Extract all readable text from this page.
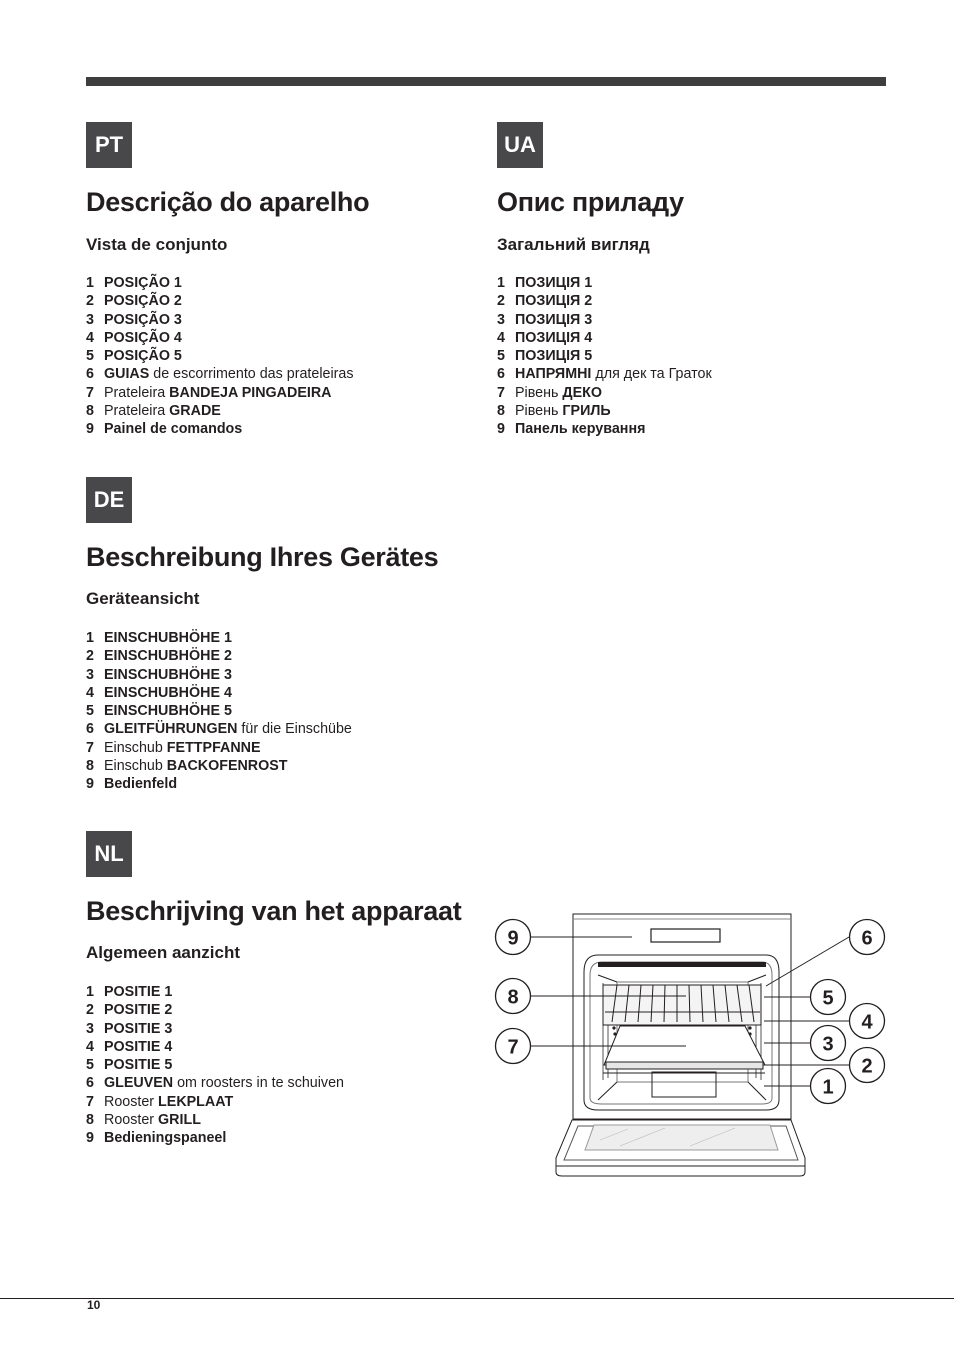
PT
Descrição do aparelho
Vista de conjunto
1 POSIÇÃO 1
2 POSIÇÃO 2
3 POSIÇÃO 3
4 POSIÇÃO 4
5 POSIÇÃO 5
6 GUIAS de escorrimento das prateleiras
7 Prateleira BANDEJA PINGADEIRA
8 Prateleira GRADE
9 Painel de comandos
UA
Опис приладу
Загальний вигляд
1 ПОЗИЦІЯ 1
2 ПОЗИЦІЯ 2
3 ПОЗИЦІЯ 3
4 ПОЗИЦІЯ 4
5 ПОЗИЦІЯ 5
6 НАПРЯМНІ для дек та Граток
7 Рівень ДЕКО
8 Рівень ГРИЛЬ
9 Панель керування
DE
Beschreibung Ihres Gerätes
Geräteansicht
1 EINSCHUBHÖHE 1
2 EINSCHUBHÖHE 2
3 EINSCHUBHÖHE 3
4 EINSCHUBHÖHE 4
5 EINSCHUBHÖHE 5
6 GLEITFÜHRUNGEN für die Einschübe
7 Einschub FETTPFANNE
8 Einschub BACKOFENROST
9 Bedienfeld
NL
Beschrijving van het apparaat
Algemeen aanzicht
1 POSITIE 1
2 POSITIE 2
3 POSITIE 3
4 POSITIE 4
5 POSITIE 5
6 GLEUVEN om roosters in te schuiven
7 Rooster LEKPLAAT
8 Rooster GRILL
9 Bedieningspaneel
9
8
7
6
5
4
3
2
1
10
